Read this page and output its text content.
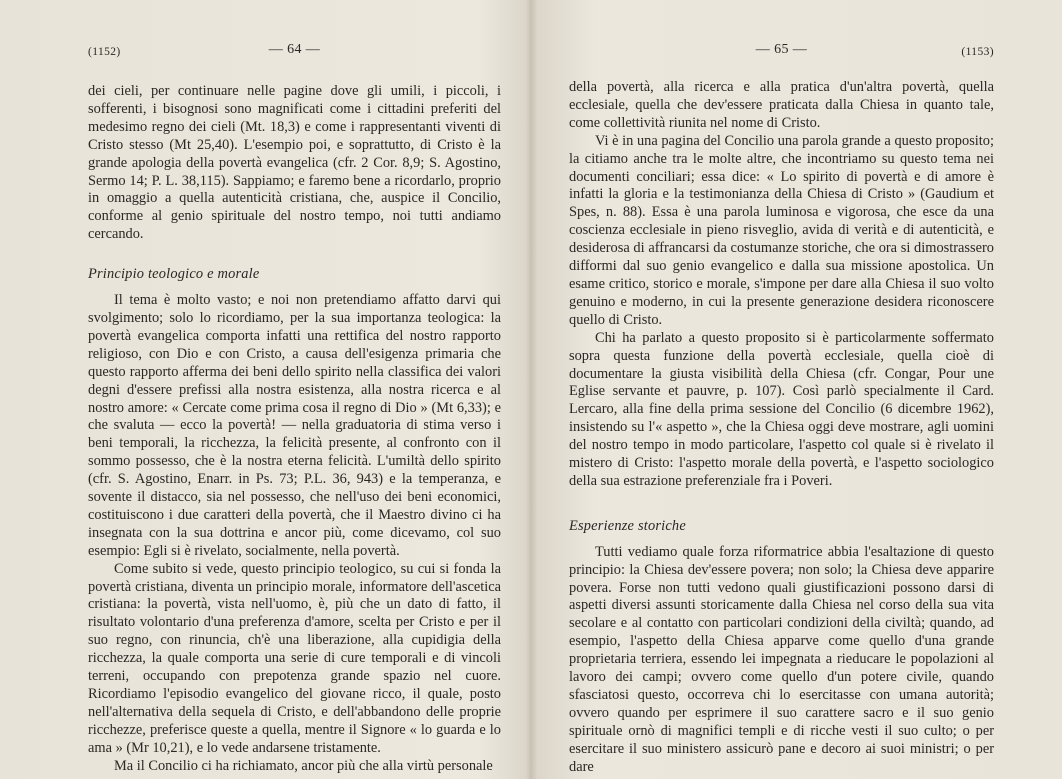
(1152)	— 64 —

dei cieli, per continuare nelle pagine dove gli umili, i piccoli, i sofferenti, i bisognosi sono magnificati come i cittadini preferiti del medesimo regno dei cieli (Mt. 18,3) e come i rappresentanti viventi di Cristo stesso (Mt 25,40). L'esempio poi, e soprattutto, di Cristo è la grande apologia della povertà evangelica (cfr. 2 Cor. 8,9; S. Agostino, Sermo 14; P. L. 38,115). Sappiamo; e faremo bene a ricordarlo, proprio in omaggio a quella autenticità cristiana, che, auspice il Concilio, conforme al genio spirituale del nostro tempo, noi tutti andiamo cercando.

Principio teologico e morale

Il tema è molto vasto; e noi non pretendiamo affatto darvi qui svolgimento; solo lo ricordiamo, per la sua importanza teologica: la povertà evangelica comporta infatti una rettifica del nostro rapporto religioso, con Dio e con Cristo, a causa dell'esigenza primaria che questo rapporto afferma dei beni dello spirito nella classifica dei valori degni d'essere prefissi alla nostra esistenza, alla nostra ricerca e al nostro amore: « Cercate come prima cosa il regno di Dio » (Mt 6,33); e che svaluta — ecco la povertà! — nella graduatoria di stima verso i beni temporali, la ricchezza, la felicità presente, al confronto con il sommo possesso, che è la nostra eterna felicità. L'umiltà dello spirito (cfr. S. Agostino, Enarr. in Ps. 73; P.L. 36, 943) e la temperanza, e sovente il distacco, sia nel possesso, che nell'uso dei beni economici, costituiscono i due caratteri della povertà, che il Maestro divino ci ha insegnata con la sua dottrina e ancor più, come dicevamo, col suo esempio: Egli si è rivelato, socialmente, nella povertà.

Come subito si vede, questo principio teologico, su cui si fonda la povertà cristiana, diventa un principio morale, informatore dell'ascetica cristiana: la povertà, vista nell'uomo, è, più che un dato di fatto, il risultato volontario d'una preferenza d'amore, scelta per Cristo e per il suo regno, con rinuncia, ch'è una liberazione, alla cupidigia della ricchezza, la quale comporta una serie di cure temporali e di vincoli terreni, occupando con prepotenza grande spazio nel cuore. Ricordiamo l'episodio evangelico del giovane ricco, il quale, posto nell'alternativa della sequela di Cristo, e dell'abbandono delle proprie ricchezze, preferisce queste a quella, mentre il Signore « lo guarda e lo ama » (Mr 10,21), e lo vede andarsene tristamente.

Ma il Concilio ci ha richiamato, ancor più che alla virtù personale

— 65 —	(1153)

della povertà, alla ricerca e alla pratica d'un'altra povertà, quella ecclesiale, quella che dev'essere praticata dalla Chiesa in quanto tale, come collettività riunita nel nome di Cristo.

Vi è in una pagina del Concilio una parola grande a questo proposito; la citiamo anche tra le molte altre, che incontriamo su questo tema nei documenti conciliari; essa dice: « Lo spirito di povertà e di amore è infatti la gloria e la testimonianza della Chiesa di Cristo » (Gaudium et Spes, n. 88). Essa è una parola luminosa e vigorosa, che esce da una coscienza ecclesiale in pieno risveglio, avida di verità e di autenticità, e desiderosa di affrancarsi da costumanze storiche, che ora si dimostrassero difformi dal suo genio evangelico e dalla sua missione apostolica. Un esame critico, storico e morale, s'impone per dare alla Chiesa il suo volto genuino e moderno, in cui la presente generazione desidera riconoscere quello di Cristo.

Chi ha parlato a questo proposito si è particolarmente soffermato sopra questa funzione della povertà ecclesiale, quella cioè di documentare la giusta visibilità della Chiesa (cfr. Congar, Pour une Eglise servante et pauvre, p. 107). Così parlò specialmente il Card. Lercaro, alla fine della prima sessione del Concilio (6 dicembre 1962), insistendo su l'« aspetto », che la Chiesa oggi deve mostrare, agli uomini del nostro tempo in modo particolare, l'aspetto col quale si è rivelato il mistero di Cristo: l'aspetto morale della povertà, e l'aspetto sociologico della sua estrazione preferenziale fra i Poveri.

Esperienze storiche

Tutti vediamo quale forza riformatrice abbia l'esaltazione di questo principio: la Chiesa dev'essere povera; non solo; la Chiesa deve apparire povera. Forse non tutti vedono quali giustificazioni possono darsi di aspetti diversi assunti storicamente dalla Chiesa nel corso della sua vita secolare e al contatto con particolari condizioni della civiltà; quando, ad esempio, l'aspetto della Chiesa apparve come quello d'una grande proprietaria terriera, essendo lei impegnata a rieducare le popolazioni al lavoro dei campi; ovvero come quello d'un potere civile, quando sfasciatosi questo, occorreva chi lo esercitasse con umana autorità; ovvero quando per esprimere il suo carattere sacro e il suo genio spirituale ornò di magnifici templi e di ricche vesti il suo culto; o per esercitare il suo ministero assicurò pane e decoro ai suoi ministri; o per dare
